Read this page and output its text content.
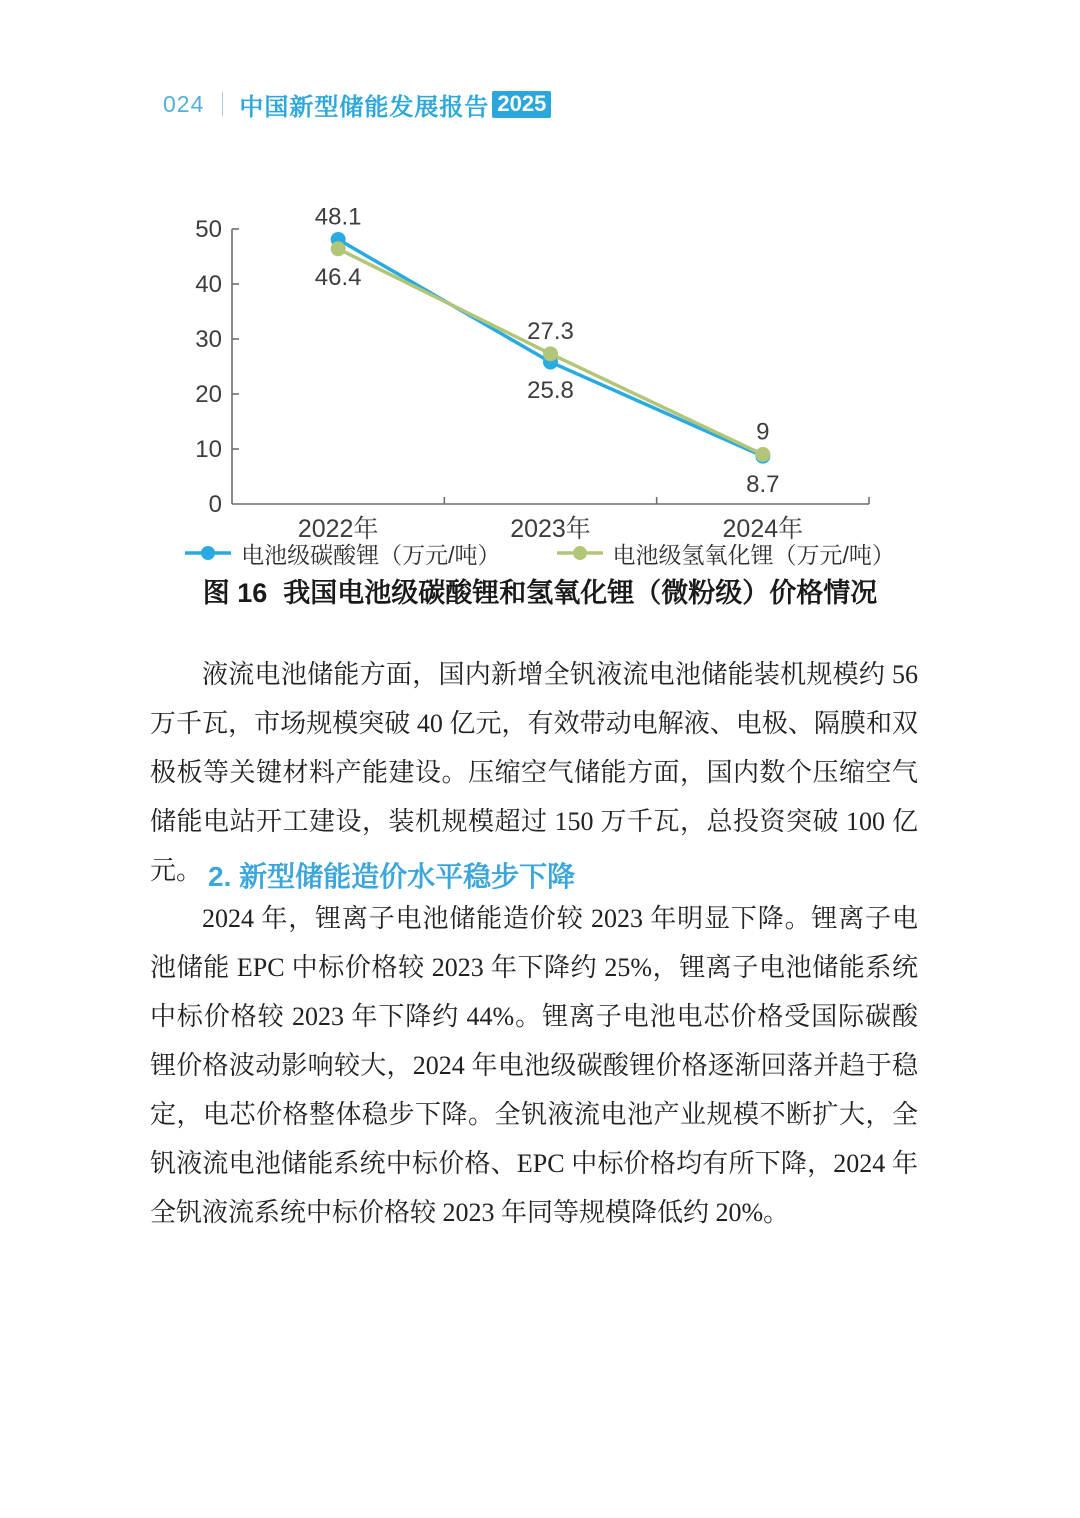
024 中国新型储能发展报告 2025
0
10
20
30
40
50
2022年	2023年	2024年
48.1
25.8
8.7
46.4
27.3
9
电池级碳酸锂（万元/吨）	电池级氢氧化锂（万元/吨）
图 16 我国电池级碳酸锂和氢氧化锂（微粉级）价格情况

液流电池储能方面，国内新增全钒液流电池储能装机规模约 56 万千瓦，市场规模突破 40 亿元，有效带动电解液、电极、隔膜和双极板等关键材料产能建设。压缩空气储能方面，国内数个压缩空气储能电站开工建设，装机规模超过 150 万千瓦，总投资突破 100 亿元。 2. 新型储能造价水平稳步下降

2024 年，锂离子电池储能造价较 2023 年明显下降。锂离子电池储能 EPC 中标价格较 2023 年下降约 25%，锂离子电池储能系统中标价格较 2023 年下降约 44%。锂离子电池电芯价格受国际碳酸锂价格波动影响较大，2024 年电池级碳酸锂价格逐渐回落并趋于稳定，电芯价格整体稳步下降。全钒液流电池产业规模不断扩大，全钒液流电池储能系统中标价格、EPC 中标价格均有所下降，2024 年全钒液流系统中标价格较 2023 年同等规模降低约 20%。
